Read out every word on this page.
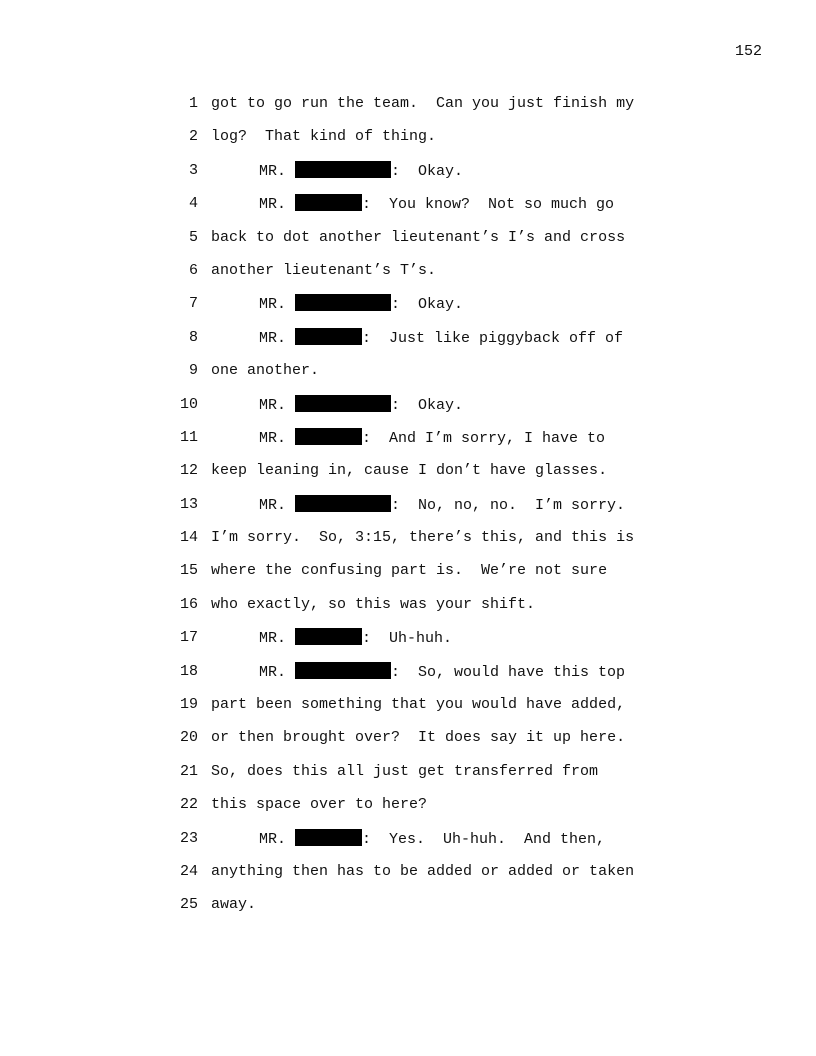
152
1 got to go run the team.  Can you just finish my
2 log?  That kind of thing.
3	MR.	:  Okay.
4	MR.	:  You know?  Not so much go
5 back to dot another lieutenant’s I’s and cross
6 another lieutenant’s T’s.
7	MR.	:  Okay.
8	MR.	:  Just like piggyback off of
9 one another.
10	MR.	:  Okay.
11	MR.	:  And I’m sorry, I have to
12 keep leaning in, cause I don’t have glasses.
13	MR.	:  No, no, no.  I’m sorry.
14 I’m sorry.  So, 3:15, there’s this, and this is
15 where the confusing part is.  We’re not sure
16 who exactly, so this was your shift.
17	MR.	:  Uh-huh.
18	MR.	:  So, would have this top
19 part been something that you would have added,
20 or then brought over?  It does say it up here.
21 So, does this all just get transferred from
22 this space over to here?
23	MR.	:  Yes.  Uh-huh.  And then,
24 anything then has to be added or added or taken
25 away.
